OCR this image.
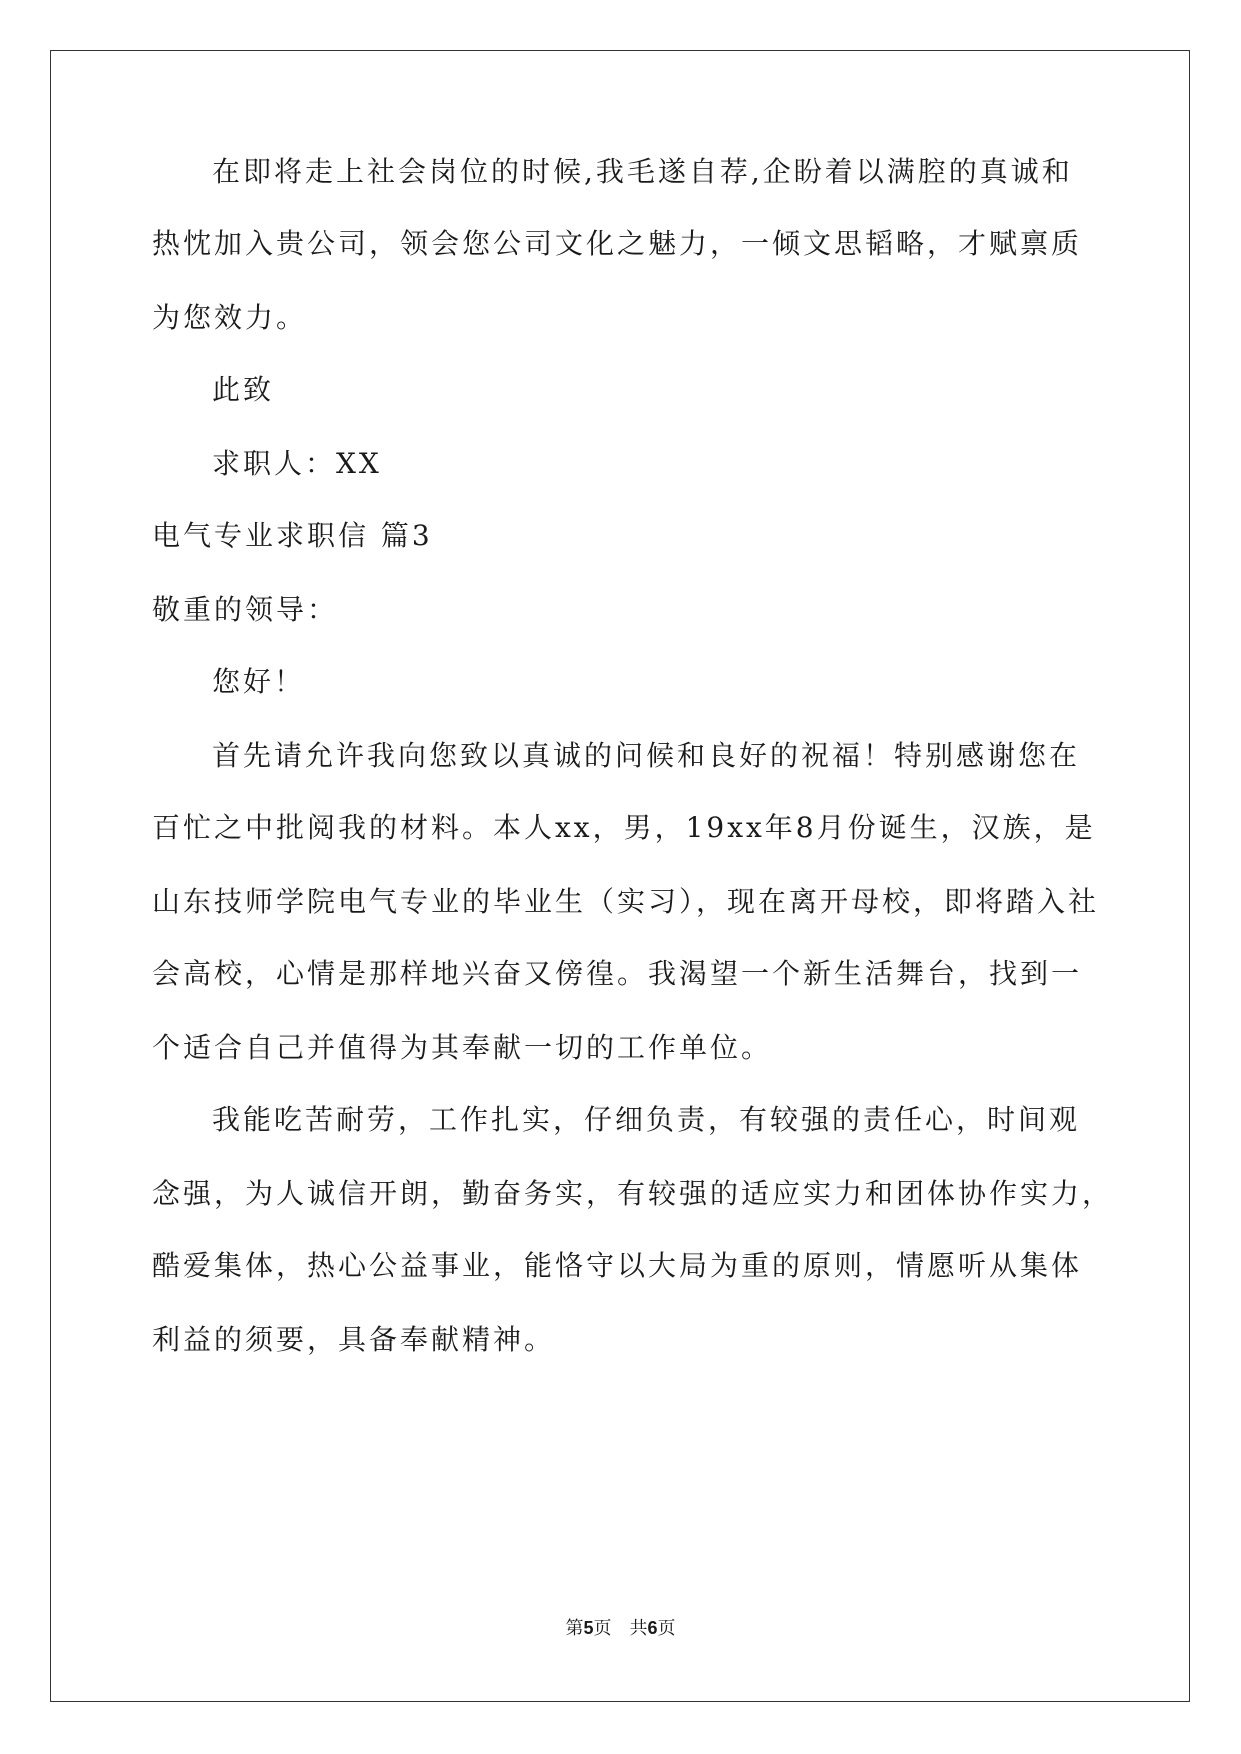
在即将走上社会岗位的时候,我毛遂自荐,企盼着以满腔的真诚和
热忱加入贵公司，领会您公司文化之魅力，一倾文思韬略，才赋禀质
为您效力。
此致
求职人：XX
电气专业求职信 篇3
敬重的领导：
您好！
首先请允许我向您致以真诚的问候和良好的祝福！特别感谢您在
百忙之中批阅我的材料。本人xx，男，19xx年8月份诞生，汉族，是
山东技师学院电气专业的毕业生（实习），现在离开母校，即将踏入社
会高校，心情是那样地兴奋又傍徨。我渴望一个新生活舞台，找到一
个适合自己并值得为其奉献一切的工作单位。
我能吃苦耐劳，工作扎实，仔细负责，有较强的责任心，时间观
念强，为人诚信开朗，勤奋务实，有较强的适应实力和团体协作实力，
酷爱集体，热心公益事业，能恪守以大局为重的原则，情愿听从集体
利益的须要，具备奉献精神。
第5页　共6页
